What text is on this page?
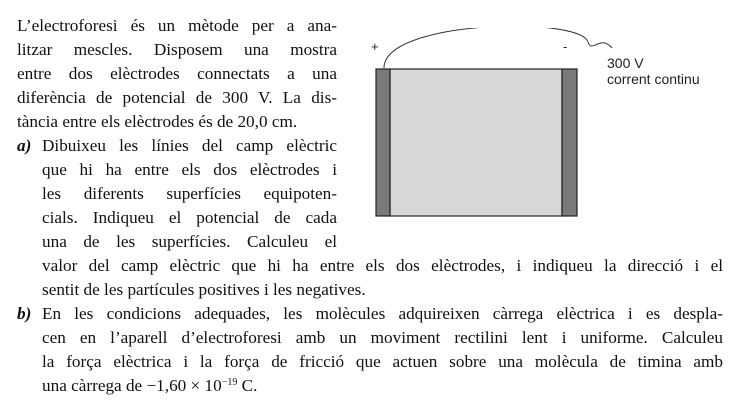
L’electroforesi és un mètode per a ana-
litzar mescles. Disposem una mostra
entre dos elèctrodes connectats a una
diferència de potencial de 300 V. La dis-
tància entre els elèctrodes és de 20,0 cm.
a) Dibuixeu les línies del camp elèctric
que hi ha entre els dos elèctrodes i
les diferents superfícies equipoten-
cials. Indiqueu el potencial de cada
una de les superfícies. Calculeu el
valor del camp elèctric que hi ha entre els dos elèctrodes, i indiqueu la direcció i el
sentit de les partícules positives i les negatives.
b) En les condicions adequades, les molècules adquireixen càrrega elèctrica i es despla-
cen en l’aparell d’electroforesi amb un moviment rectilini lent i uniforme. Calculeu
la força elèctrica i la força de fricció que actuen sobre una molècula de timina amb
una càrrega de $-1,60 \times 10^{-19}$ C.
+	-
300 V
corrent continu
